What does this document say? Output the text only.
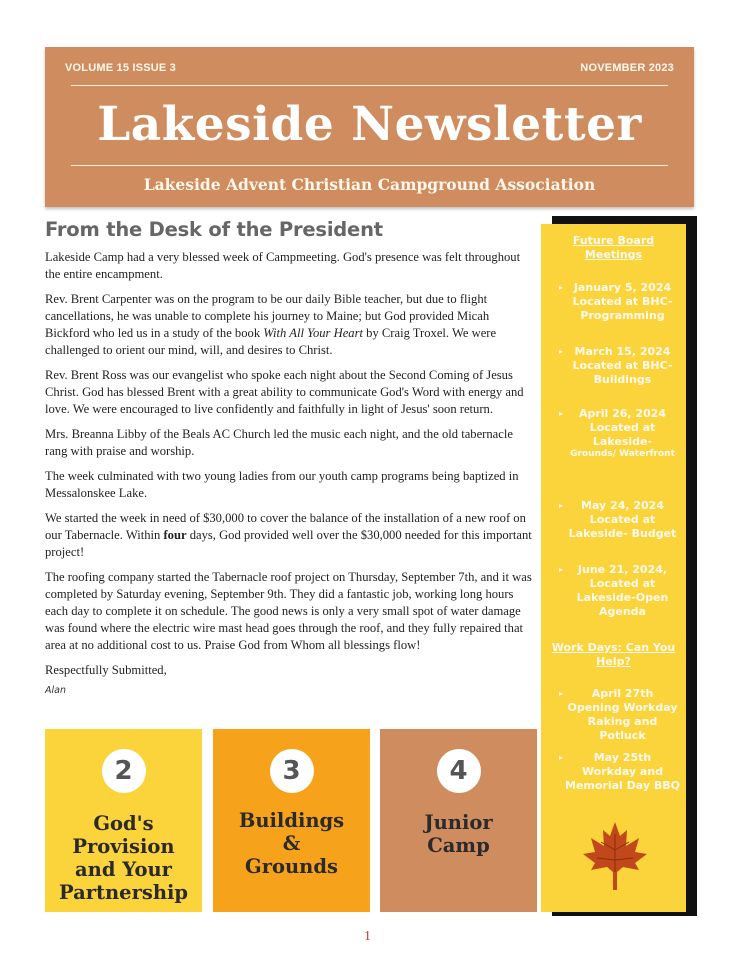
VOLUME 15 ISSUE 3	NOVEMBER 2023
Lakeside Newsletter
Lakeside Advent Christian Campground Association
From the Desk of the President

Lakeside Camp had a very blessed week of Campmeeting. God's presence was felt throughout the entire encampment.

Rev. Brent Carpenter was on the program to be our daily Bible teacher, but due to flight cancellations, he was unable to complete his journey to Maine; but God provided Micah Bickford who led us in a study of the book With All Your Heart by Craig Troxel. We were challenged to orient our mind, will, and desires to Christ.

Rev. Brent Ross was our evangelist who spoke each night about the Second Coming of Jesus Christ. God has blessed Brent with a great ability to communicate God's Word with energy and love. We were encouraged to live confidently and faithfully in light of Jesus' soon return.

Mrs. Breanna Libby of the Beals AC Church led the music each night, and the old tabernacle rang with praise and worship.

The week culminated with two young ladies from our youth camp programs being baptized in Messalonskee Lake.

We started the week in need of $30,000 to cover the balance of the installation of a new roof on our Tabernacle. Within four days, God provided well over the $30,000 needed for this important project!

The roofing company started the Tabernacle roof project on Thursday, September 7th, and it was completed by Saturday evening, September 9th. They did a fantastic job, working long hours each day to complete it on schedule. The good news is only a very small spot of water damage was found where the electric wire mast head goes through the roof, and they fully repaired that area at no additional cost to us. Praise God from Whom all blessings flow!

Respectfully Submitted,

Alan
Future Board Meetings
▸ January 5, 2024
Located at BHC- Programming
▸	March 15, 2024
Located at BHC- Buildings
▸	April 26, 2024
Located at Lakeside-
Grounds/ Waterfront
▸	May 24, 2024
Located at Lakeside- Budget
▸	June 21, 2024,
Located at Lakeside-Open Agenda
Work Days: Can You Help?
▸	April 27th
Opening Workday Raking and Potluck
▸	May 25th
Workday and Memorial Day BBQ
2
God's
Provision
and Your
Partnership
3
Buildings
&
Grounds
4
Junior
Camp
1
